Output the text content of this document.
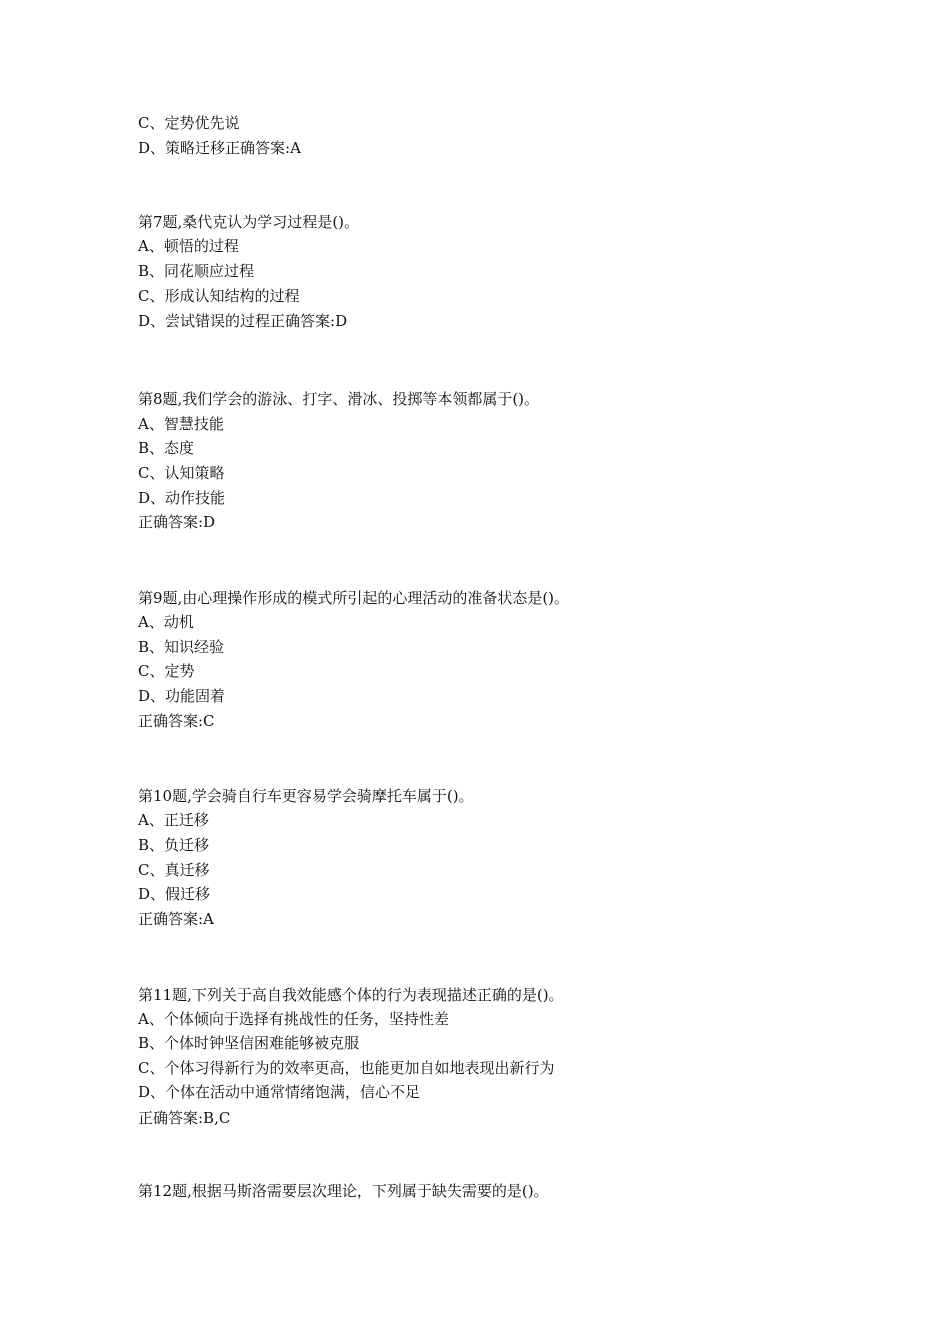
C、定势优先说
D、策略迁移正确答案:A
第7题,桑代克认为学习过程是()。
A、顿悟的过程
B、同花顺应过程
C、形成认知结构的过程
D、尝试错误的过程正确答案:D
第8题,我们学会的游泳、打字、滑冰、投掷等本领都属于()。
A、智慧技能
B、态度
C、认知策略
D、动作技能
正确答案:D
第9题,由心理操作形成的模式所引起的心理活动的准备状态是()。
A、动机
B、知识经验
C、定势
D、功能固着
正确答案:C
第10题,学会骑自行车更容易学会骑摩托车属于()。
A、正迁移
B、负迁移
C、真迁移
D、假迁移
正确答案:A
第11题,下列关于高自我效能感个体的行为表现描述正确的是()。
A、个体倾向于选择有挑战性的任务，坚持性差
B、个体时钟坚信困难能够被克服
C、个体习得新行为的效率更高，也能更加自如地表现出新行为
D、个体在活动中通常情绪饱满，信心不足
正确答案:B,C
第12题,根据马斯洛需要层次理论，下列属于缺失需要的是()。
